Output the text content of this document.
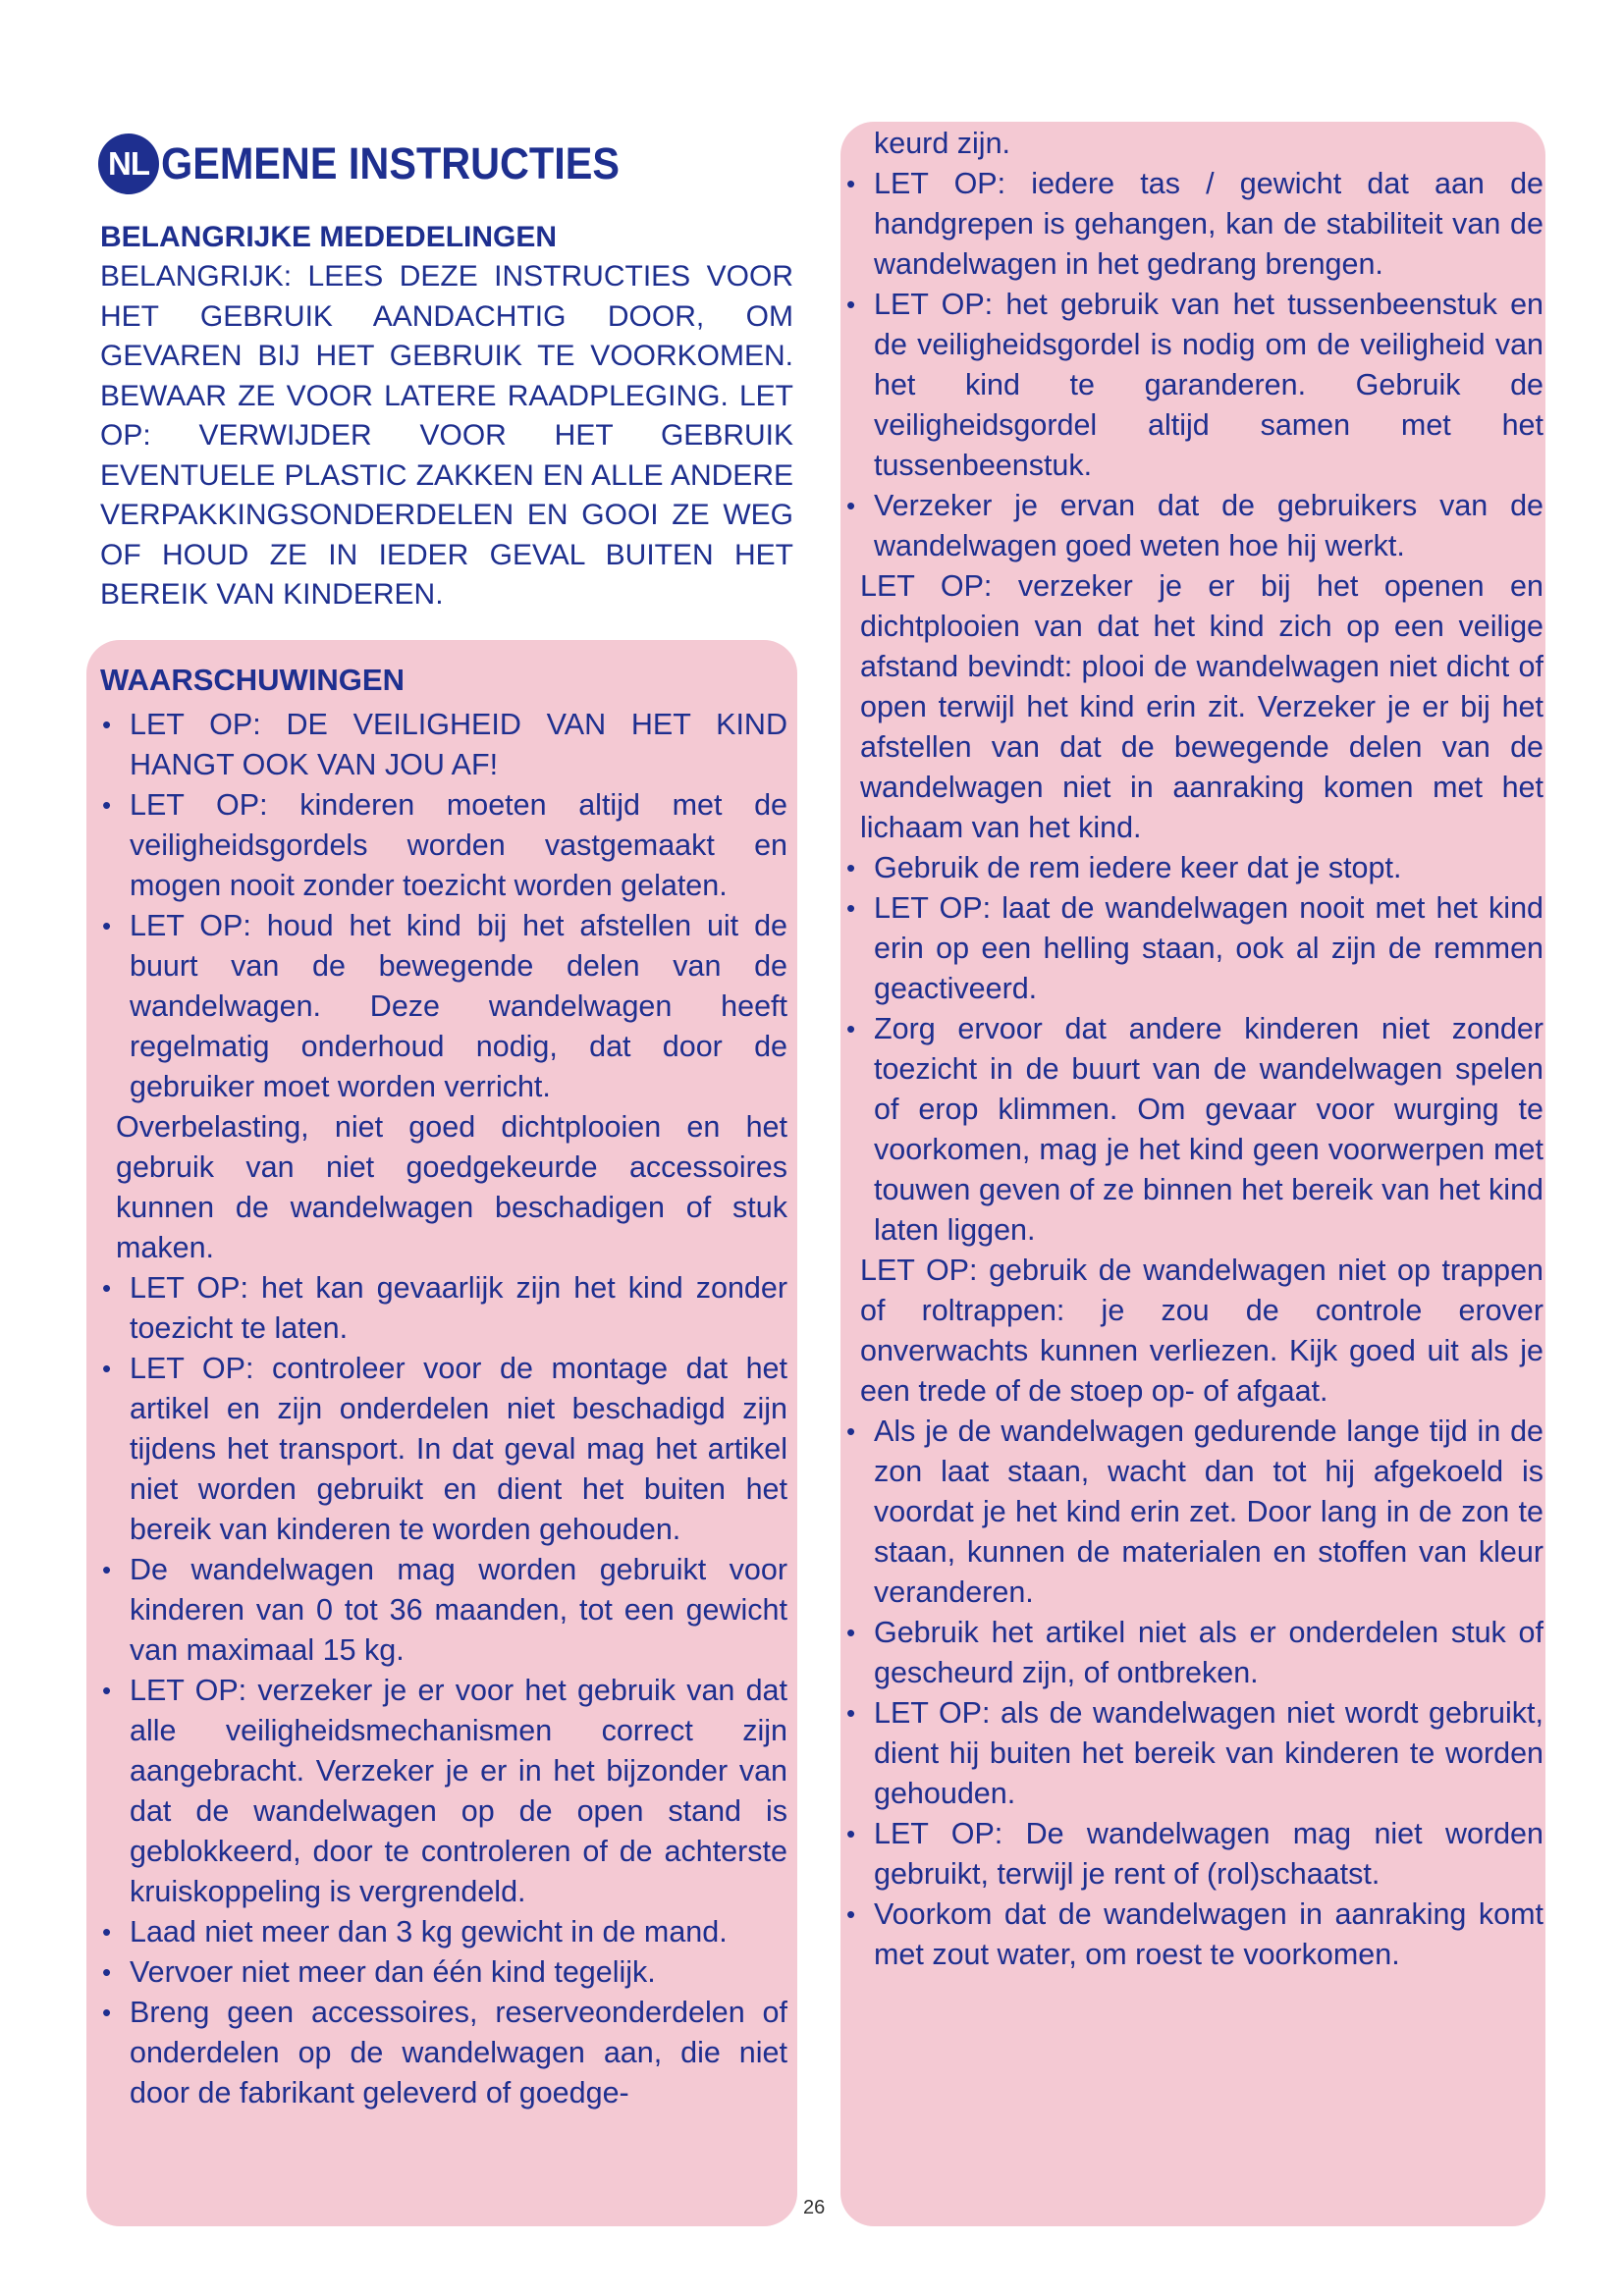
NL GEMENE INSTRUCTIES
BELANGRIJKE MEDEDELINGEN

BELANGRIJK: LEES DEZE INSTRUCTIES VOOR HET GEBRUIK AANDACHTIG DOOR, OM GEVAREN BIJ HET GEBRUIK TE VOORKOMEN. BEWAAR ZE VOOR LATERE RAADPLEGING. LET OP: VERWIJDER VOOR HET GEBRUIK EVENTUELE PLASTIC ZAKKEN EN ALLE ANDERE VERPAKKINGSONDERDELEN EN GOOI ZE WEG OF HOUD ZE IN IEDER GEVAL BUITEN HET BEREIK VAN KINDEREN.

WAARSCHUWINGEN
• LET OP: DE VEILIGHEID VAN HET KIND HANGT OOK VAN JOU AF!
• LET OP: kinderen moeten altijd met de veiligheidsgordels worden vastgemaakt en mogen nooit zonder toezicht worden gelaten.
• LET OP: houd het kind bij het afstellen uit de buurt van de bewegende delen van de wandelwagen. Deze wandelwagen heeft regelmatig onderhoud nodig, dat door de gebruiker moet worden verricht.
Overbelasting, niet goed dichtplooien en het gebruik van niet goedgekeurde accessoires kunnen de wandelwagen beschadigen of stuk maken.
• LET OP: het kan gevaarlijk zijn het kind zonder toezicht te laten.
• LET OP: controleer voor de montage dat het artikel en zijn onderdelen niet beschadigd zijn tijdens het transport. In dat geval mag het artikel niet worden gebruikt en dient het buiten het bereik van kinderen te worden gehouden.
• De wandelwagen mag worden gebruikt voor kinderen van 0 tot 36 maanden, tot een gewicht van maximaal 15 kg.
• LET OP: verzeker je er voor het gebruik van dat alle veiligheidsmechanismen correct zijn aangebracht. Verzeker je er in het bijzonder van dat de wandelwagen op de open stand is geblokkeerd, door te controleren of de achterste kruiskoppeling is vergrendeld.
• Laad niet meer dan 3 kg gewicht in de mand.
• Vervoer niet meer dan één kind tegelijk.
• Breng geen accessoires, reserveonderdelen of onderdelen op de wandelwagen aan, die niet door de fabrikant geleverd of goedge-
keurd zijn.
• LET OP: iedere tas / gewicht dat aan de handgrepen is gehangen, kan de stabiliteit van de wandelwagen in het gedrang brengen.
• LET OP: het gebruik van het tussenbeenstuk en de veiligheidsgordel is nodig om de veiligheid van het kind te garanderen. Gebruik de veiligheidsgordel altijd samen met het tussenbeenstuk.
• Verzeker je ervan dat de gebruikers van de wandelwagen goed weten hoe hij werkt.
LET OP: verzeker je er bij het openen en dichtplooien van dat het kind zich op een veilige afstand bevindt: plooi de wandelwagen niet dicht of open terwijl het kind erin zit. Verzeker je er bij het afstellen van dat de bewegende delen van de wandelwagen niet in aanraking komen met het lichaam van het kind.
• Gebruik de rem iedere keer dat je stopt.
• LET OP: laat de wandelwagen nooit met het kind erin op een helling staan, ook al zijn de remmen geactiveerd.
• Zorg ervoor dat andere kinderen niet zonder toezicht in de buurt van de wandelwagen spelen of erop klimmen. Om gevaar voor wurging te voorkomen, mag je het kind geen voorwerpen met touwen geven of ze binnen het bereik van het kind laten liggen.
LET OP: gebruik de wandelwagen niet op trappen of roltrappen: je zou de controle erover onverwachts kunnen verliezen. Kijk goed uit als je een trede of de stoep op- of afgaat.
• Als je de wandelwagen gedurende lange tijd in de zon laat staan, wacht dan tot hij afgekoeld is voordat je het kind erin zet. Door lang in de zon te staan, kunnen de materialen en stoffen van kleur veranderen.
• Gebruik het artikel niet als er onderdelen stuk of gescheurd zijn, of ontbreken.
• LET OP: als de wandelwagen niet wordt gebruikt, dient hij buiten het bereik van kinderen te worden gehouden.
• LET OP: De wandelwagen mag niet worden gebruikt, terwijl je rent of (rol)schaatst.
• Voorkom dat de wandelwagen in aanraking komt met zout water, om roest te voorkomen.
26
